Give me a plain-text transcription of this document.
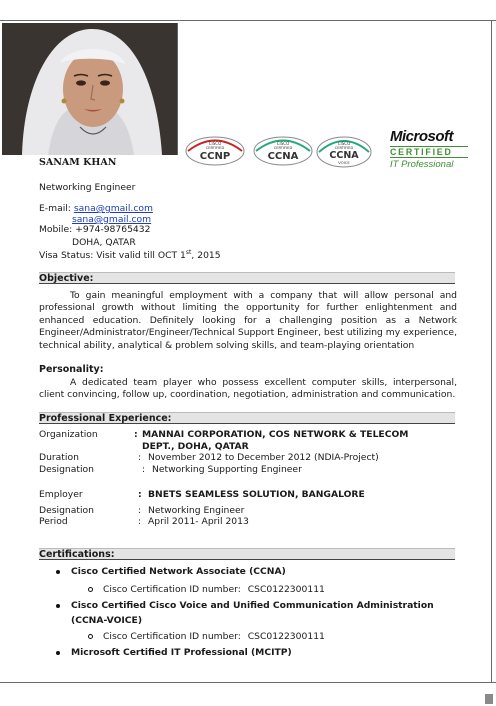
SANAM KHAN
Networking Engineer
E-mail: sana@gmail.com
sana@gmail.com
Mobile: +974-98765432
DOHA, QATAR
Visa Status: Visit valid till OCT 1st, 2015
CISCO
CERTIFIED
CCNP
CISCO
CERTIFIED
CCNA
CISCO
CERTIFIED
CCNA
VOICE
Microsoft
CERTIFIED
IT Professional
Objective:
To gain meaningful employment with a company that will allow personal and professional growth without limiting the opportunity for further enlightenment and enhanced education. Definitely looking for a challenging position as a Network Engineer/Administrator/Engineer/Technical Support Engineer, best utilizing my experience, technical ability, analytical & problem solving skills, and team-playing orientation
Personality:
A dedicated team player who possess excellent computer skills, interpersonal, client convincing, follow up, coordination, negotiation, administration and communication.
Professional Experience:
Organization	: MANNAI CORPORATION, COS NETWORK & TELECOM
DEPT., DOHA, QATAR
Duration	: November 2012 to December 2012 (NDIA-Project)
Designation	: Networking Supporting Engineer
Employer	: BNETS SEAMLESS SOLUTION, BANGALORE
Designation	: Networking Engineer
Period	: April 2011- April 2013
Certifications:
Cisco Certified Network Associate (CCNA)
Cisco Certification ID number: CSC0122300111
Cisco Certified Cisco Voice and Unified Communication Administration
(CCNA-VOICE)
Cisco Certification ID number: CSC0122300111
Microsoft Certified IT Professional (MCITP)
